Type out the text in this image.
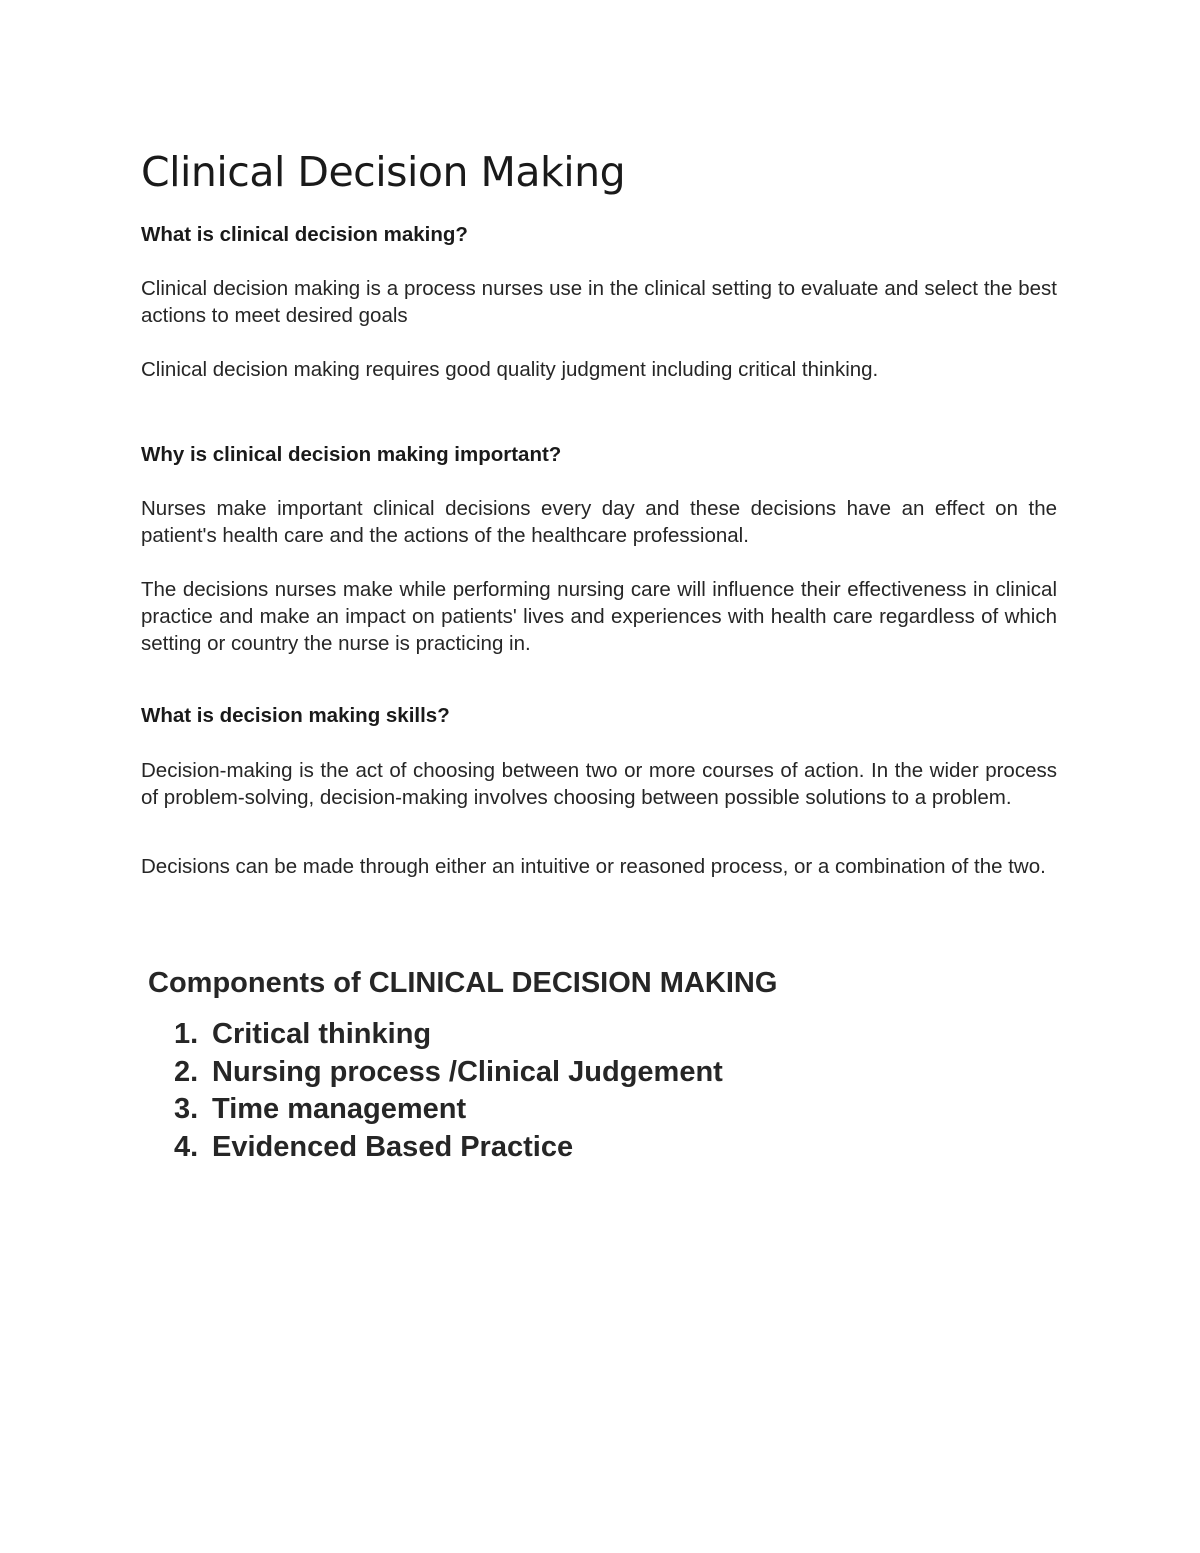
Clinical Decision Making
What is clinical decision making?

Clinical decision making is a process nurses use in the clinical setting to evaluate and select the best actions to meet desired goals

Clinical decision making requires good quality judgment including critical thinking.

Why is clinical decision making important?

Nurses make important clinical decisions every day and these decisions have an effect on the patient's health care and the actions of the healthcare professional.

The decisions nurses make while performing nursing care will influence their effectiveness in clinical practice and make an impact on patients' lives and experiences with health care regardless of which setting or country the nurse is practicing in.

What is decision making skills?

Decision-making is the act of choosing between two or more courses of action. In the wider process of problem-solving, decision-making involves choosing between possible solutions to a problem.

Decisions can be made through either an intuitive or reasoned process, or a combination of the two.

Components of CLINICAL DECISION MAKING
1. Critical thinking
2. Nursing process /Clinical Judgement
3. Time management
4. Evidenced Based Practice
